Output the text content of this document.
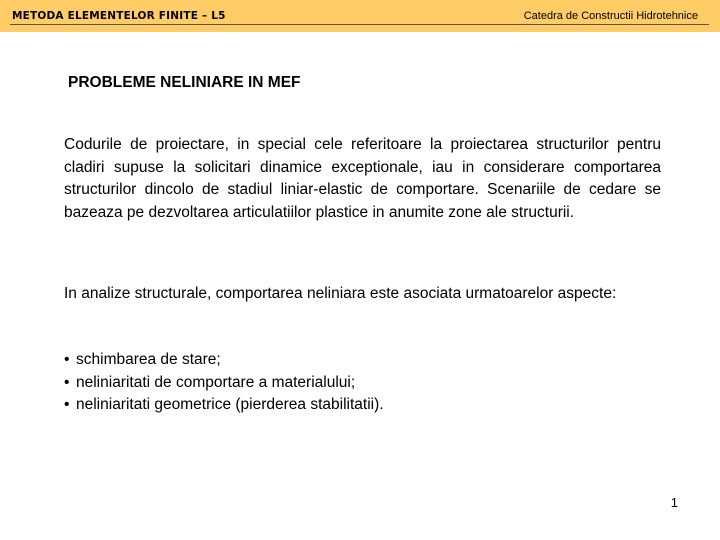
METODA ELEMENTELOR FINITE – L5	Catedra de Constructii Hidrotehnice
PROBLEME NELINIARE IN MEF

Codurile de proiectare, in special cele referitoare la proiectarea structurilor pentru cladiri supuse la solicitari dinamice exceptionale, iau in considerare comportarea structurilor dincolo de stadiul liniar-elastic de comportare. Scenariile de cedare se bazeaza pe dezvoltarea articulatiilor plastice in anumite zone ale structurii.

In analize structurale, comportarea neliniara este asociata urmatoarelor aspecte:

• schimbarea de stare;
• neliniaritati de comportare a materialului;
• neliniaritati geometrice (pierderea stabilitatii).
1
